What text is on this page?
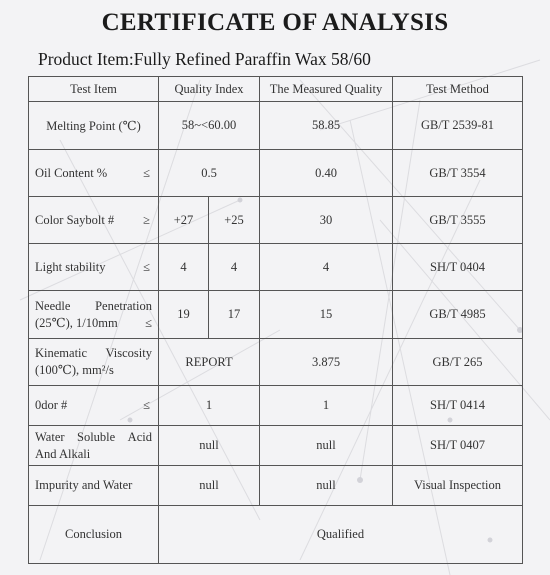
CERTIFICATE OF ANALYSIS
Product Item:Fully Refined Paraffin Wax 58/60
Test Item	Quality Index		The Measured Quality	Test Method
Melting Point (℃)	58~<60.00		58.85	GB/T 2539-81

Oil Content % ≤	0.5		0.40	GB/T 3554

Color Saybolt # ≥	+27	+25	30	GB/T 3555

Light stability ≤	4	4	4	SH/T 0404

Needle Penetration
(25℃), 1/10mm ≤	19	17	15	GB/T 4985

Kinematic Viscosity
(100℃), mm²/s	REPORT		3.875	GB/T 265

0dor # ≤	1		1	SH/T 0414

Water Soluble Acid
And Alkali	null		null	SH/T 0407
Impurity and Water	null		null	Visual Inspection
Conclusion	Qualified			
